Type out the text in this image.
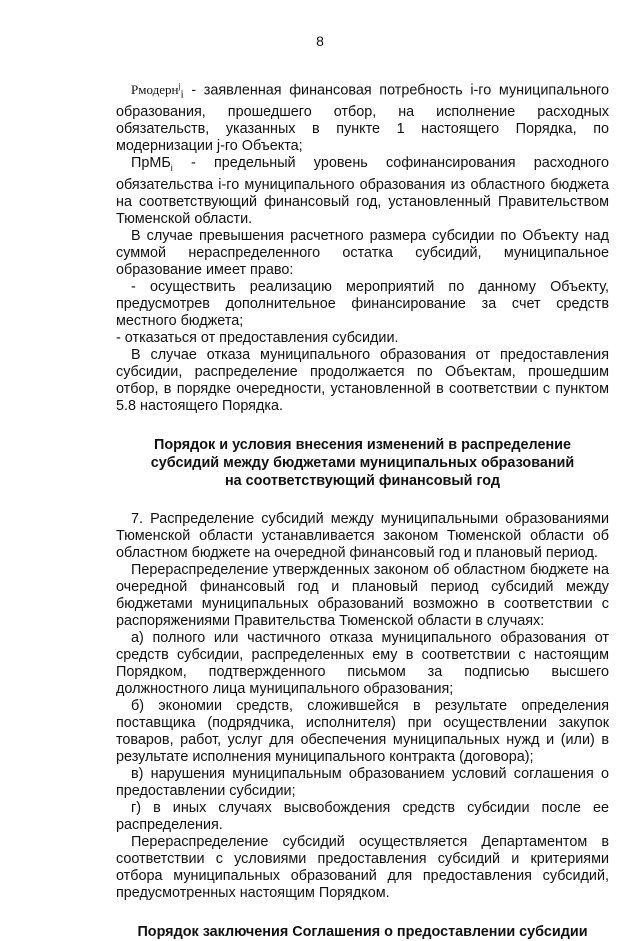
8

Pмодерн$^j_i$ - заявленная финансовая потребность i-го муниципального образования, прошедшего отбор, на исполнение расходных обязательств, указанных в пункте 1 настоящего Порядка, по модернизации j-го Объекта;

ПрМБ$_i$ - предельный уровень софинансирования расходного обязательства i-го муниципального образования из областного бюджета на соответствующий финансовый год, установленный Правительством Тюменской области.

В случае превышения расчетного размера субсидии по Объекту над суммой нераспределенного остатка субсидий, муниципальное образование имеет право:

- осуществить реализацию мероприятий по данному Объекту, предусмотрев дополнительное финансирование за счет средств местного бюджета;

- отказаться от предоставления субсидии.

В случае отказа муниципального образования от предоставления субсидии, распределение продолжается по Объектам, прошедшим отбор, в порядке очередности, установленной в соответствии с пунктом 5.8 настоящего Порядка.

Порядок и условия внесения изменений в распределение
субсидий между бюджетами муниципальных образований
на соответствующий финансовый год

7. Распределение субсидий между муниципальными образованиями Тюменской области устанавливается законом Тюменской области об областном бюджете на очередной финансовый год и плановый период.

Перераспределение утвержденных законом об областном бюджете на очередной финансовый год и плановый период субсидий между бюджетами муниципальных образований возможно в соответствии с распоряжениями Правительства Тюменской области в случаях:

а) полного или частичного отказа муниципального образования от средств субсидии, распределенных ему в соответствии с настоящим Порядком, подтвержденного письмом за подписью высшего должностного лица муниципального образования;

б) экономии средств, сложившейся в результате определения поставщика (подрядчика, исполнителя) при осуществлении закупок товаров, работ, услуг для обеспечения муниципальных нужд и (или) в результате исполнения муниципального контракта (договора);

в) нарушения муниципальным образованием условий соглашения о предоставлении субсидии;

г) в иных случаях высвобождения средств субсидии после ее распределения.

Перераспределение субсидий осуществляется Департаментом в соответствии с условиями предоставления субсидий и критериями отбора муниципальных образований для предоставления субсидий, предусмотренных настоящим Порядком.

Порядок заключения Соглашения о предоставлении субсидии
